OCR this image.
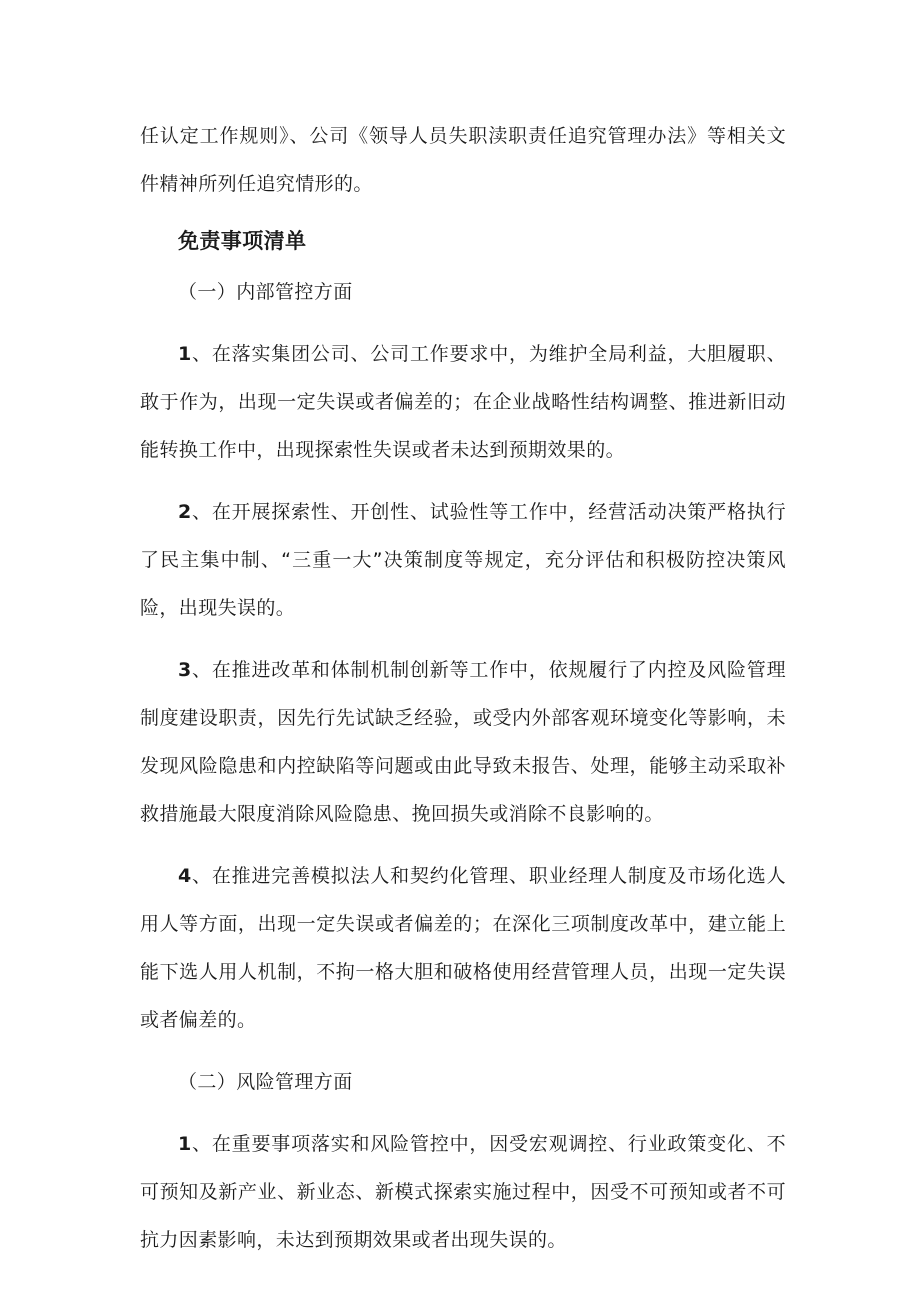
任认定工作规则》、公司《领导人员失职渎职责任追究管理办法》等相关文件精神所列任追究情形的。

免责事项清单

（一）内部管控方面

1、在落实集团公司、公司工作要求中，为维护全局利益，大胆履职、敢于作为，出现一定失误或者偏差的；在企业战略性结构调整、推进新旧动能转换工作中，出现探索性失误或者未达到预期效果的。

2、在开展探索性、开创性、试验性等工作中，经营活动决策严格执行了民主集中制、“三重一大”决策制度等规定，充分评估和积极防控决策风险，出现失误的。

3、在推进改革和体制机制创新等工作中，依规履行了内控及风险管理制度建设职责，因先行先试缺乏经验，或受内外部客观环境变化等影响，未发现风险隐患和内控缺陷等问题或由此导致未报告、处理，能够主动采取补救措施最大限度消除风险隐患、挽回损失或消除不良影响的。

4、在推进完善模拟法人和契约化管理、职业经理人制度及市场化选人用人等方面，出现一定失误或者偏差的；在深化三项制度改革中，建立能上能下选人用人机制，不拘一格大胆和破格使用经营管理人员，出现一定失误或者偏差的。

（二）风险管理方面

1、在重要事项落实和风险管控中，因受宏观调控、行业政策变化、不可预知及新产业、新业态、新模式探索实施过程中，因受不可预知或者不可抗力因素影响，未达到预期效果或者出现失误的。
